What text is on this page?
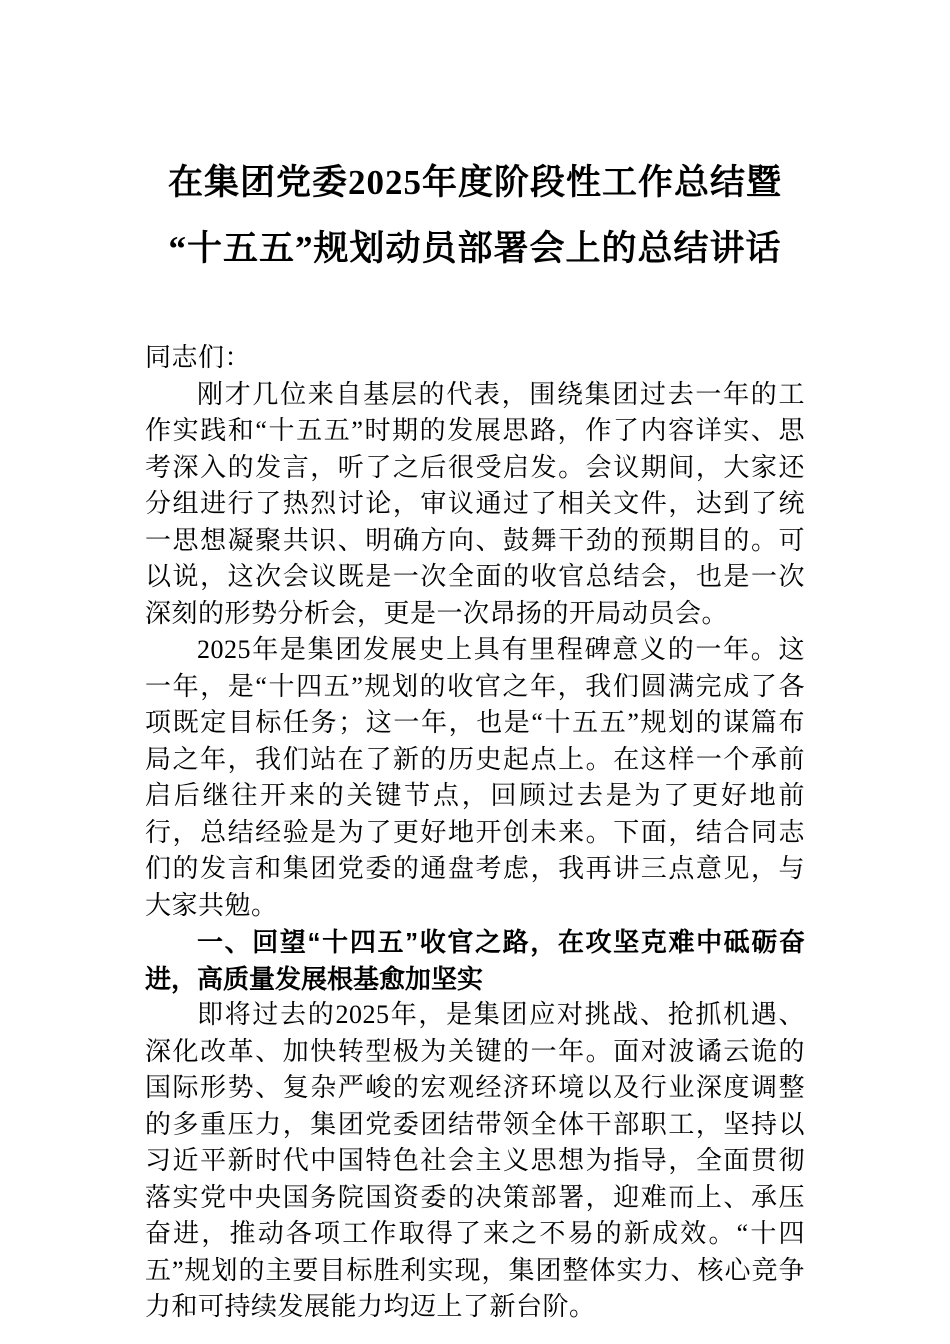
在集团党委2025年度阶段性工作总结暨
“十五五”规划动员部署会上的总结讲话

同志们：

刚才几位来自基层的代表，围绕集团过去一年的工作实践和“十五五”时期的发展思路，作了内容详实、思考深入的发言，听了之后很受启发。会议期间，大家还分组进行了热烈讨论，审议通过了相关文件，达到了统一思想凝聚共识、明确方向、鼓舞干劲的预期目的。可以说，这次会议既是一次全面的收官总结会，也是一次深刻的形势分析会，更是一次昂扬的开局动员会。

2025年是集团发展史上具有里程碑意义的一年。这一年，是“十四五”规划的收官之年，我们圆满完成了各项既定目标任务；这一年，也是“十五五”规划的谋篇布局之年，我们站在了新的历史起点上。在这样一个承前启后继往开来的关键节点，回顾过去是为了更好地前行，总结经验是为了更好地开创未来。下面，结合同志们的发言和集团党委的通盘考虑，我再讲三点意见，与大家共勉。

一、回望“十四五”收官之路，在攻坚克难中砥砺奋进，高质量发展根基愈加坚实

即将过去的2025年，是集团应对挑战、抢抓机遇、深化改革、加快转型极为关键的一年。面对波谲云诡的国际形势、复杂严峻的宏观经济环境以及行业深度调整的多重压力，集团党委团结带领全体干部职工，坚持以习近平新时代中国特色社会主义思想为指导，全面贯彻落实党中央国务院国资委的决策部署，迎难而上、承压奋进，推动各项工作取得了来之不易的新成效。“十四五”规划的主要目标胜利实现，集团整体实力、核心竞争力和可持续发展能力均迈上了新台阶。
